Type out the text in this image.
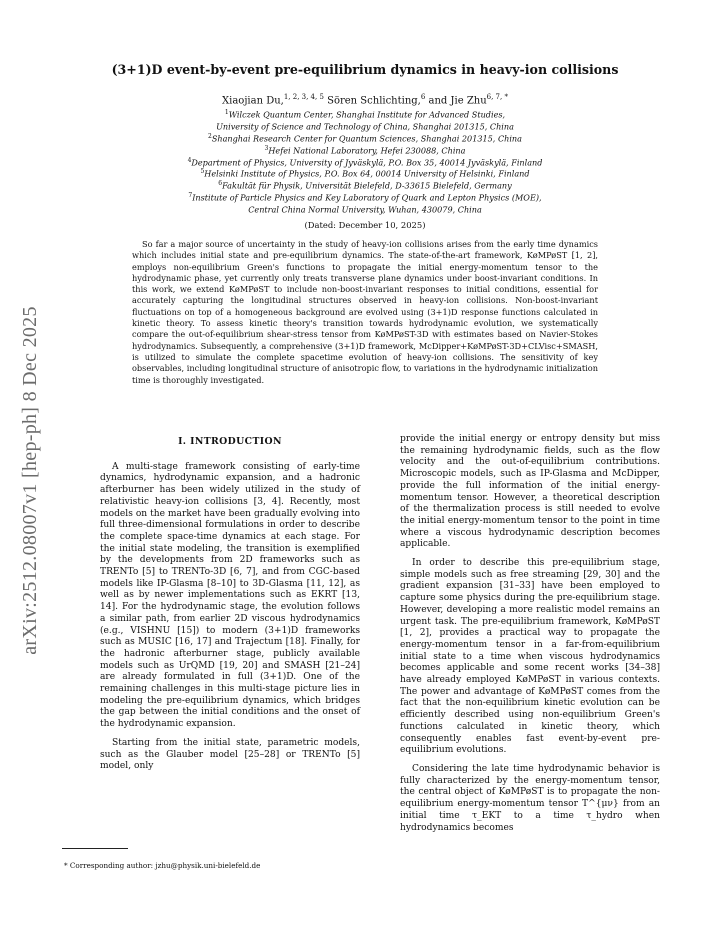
arXiv:2512.08007v1 [hep-ph] 8 Dec 2025
(3+1)D event-by-event pre-equilibrium dynamics in heavy-ion collisions

Xiaojian Du,$^{1, 2, 3, 4, 5}$ Sören Schlichting,$^6$ and Jie Zhu$^{6, 7, *}$

$^1$Wilczek Quantum Center, Shanghai Institute for Advanced Studies,
University of Science and Technology of China, Shanghai 201315, China
$^2$Shanghai Research Center for Quantum Sciences, Shanghai 201315, China
$^3$Hefei National Laboratory, Hefei 230088, China
$^4$Department of Physics, University of Jyväskylä, P.O. Box 35, 40014 Jyväskylä, Finland
$^5$Helsinki Institute of Physics, P.O. Box 64, 00014 University of Helsinki, Finland
$^6$Fakultät für Physik, Universität Bielefeld, D-33615 Bielefeld, Germany
$^7$Institute of Particle Physics and Key Laboratory of Quark and Lepton Physics (MOE),
Central China Normal University, Wuhan, 430079, China

(Dated: December 10, 2025)

So far a major source of uncertainty in the study of heavy-ion collisions arises from the early time dynamics which includes initial state and pre-equilibrium dynamics. The state-of-the-art framework, KøMPøST [1, 2], employs non-equilibrium Green's functions to propagate the initial energy-momentum tensor to the hydrodynamic phase, yet currently only treats transverse plane dynamics under boost-invariant conditions. In this work, we extend KøMPøST to include non-boost-invariant responses to initial conditions, essential for accurately capturing the longitudinal structures observed in heavy-ion collisions. Non-boost-invariant fluctuations on top of a homogeneous background are evolved using (3+1)D response functions calculated in kinetic theory. To assess kinetic theory's transition towards hydrodynamic evolution, we systematically compare the out-of-equilibrium shear-stress tensor from KøMPøST-3D with estimates based on Navier-Stokes hydrodynamics. Subsequently, a comprehensive (3+1)D framework, McDipper+KøMPøST-3D+CLVisc+SMASH, is utilized to simulate the complete spacetime evolution of heavy-ion collisions. The sensitivity of key observables, including longitudinal structure of anisotropic flow, to variations in the hydrodynamic initialization time is thoroughly investigated.

I. INTRODUCTION

A multi-stage framework consisting of early-time dynamics, hydrodynamic expansion, and a hadronic afterburner has been widely utilized in the study of relativistic heavy-ion collisions [3, 4]. Recently, most models on the market have been gradually evolving into full three-dimensional formulations in order to describe the complete space-time dynamics at each stage. For the initial state modeling, the transition is exemplified by the developments from 2D frameworks such as TRENTo [5] to TRENTo-3D [6, 7], and from CGC-based models like IP-Glasma [8–10] to 3D-Glasma [11, 12], as well as by newer implementations such as EKRT [13, 14]. For the hydrodynamic stage, the evolution follows a similar path, from earlier 2D viscous hydrodynamics (e.g., VISHNU [15]) to modern (3+1)D frameworks such as MUSIC [16, 17] and Trajectum [18]. Finally, for the hadronic afterburner stage, publicly available models such as UrQMD [19, 20] and SMASH [21–24] are already formulated in full (3+1)D. One of the remaining challenges in this multi-stage picture lies in modeling the pre-equilibrium dynamics, which bridges the gap between the initial conditions and the onset of the hydrodynamic expansion.

Starting from the initial state, parametric models, such as the Glauber model [25–28] or TRENTo [5] model, only

provide the initial energy or entropy density but miss the remaining hydrodynamic fields, such as the flow velocity and the out-of-equilibrium contributions. Microscopic models, such as IP-Glasma and McDipper, provide the full information of the initial energy-momentum tensor. However, a theoretical description of the thermalization process is still needed to evolve the initial energy-momentum tensor to the point in time where a viscous hydrodynamic description becomes applicable.

In order to describe this pre-equilibrium stage, simple models such as free streaming [29, 30] and the gradient expansion [31–33] have been employed to capture some physics during the pre-equilibrium stage. However, developing a more realistic model remains an urgent task. The pre-equilibrium framework, KøMPøST [1, 2], provides a practical way to propagate the energy-momentum tensor in a far-from-equilibrium initial state to a time when viscous hydrodynamics becomes applicable and some recent works [34–38] have already employed KøMPøST in various contexts. The power and advantage of KøMPøST comes from the fact that the non-equilibrium kinetic evolution can be efficiently described using non-equilibrium Green's functions calculated in kinetic theory, which consequently enables fast event-by-event pre-equilibrium evolutions.

Considering the late time hydrodynamic behavior is fully characterized by the energy-momentum tensor, the central object of KøMPøST is to propagate the non-equilibrium energy-momentum tensor T^{μν} from an initial time τ_EKT to a time τ_hydro when hydrodynamics becomes

* Corresponding author: jzhu@physik.uni-bielefeld.de
